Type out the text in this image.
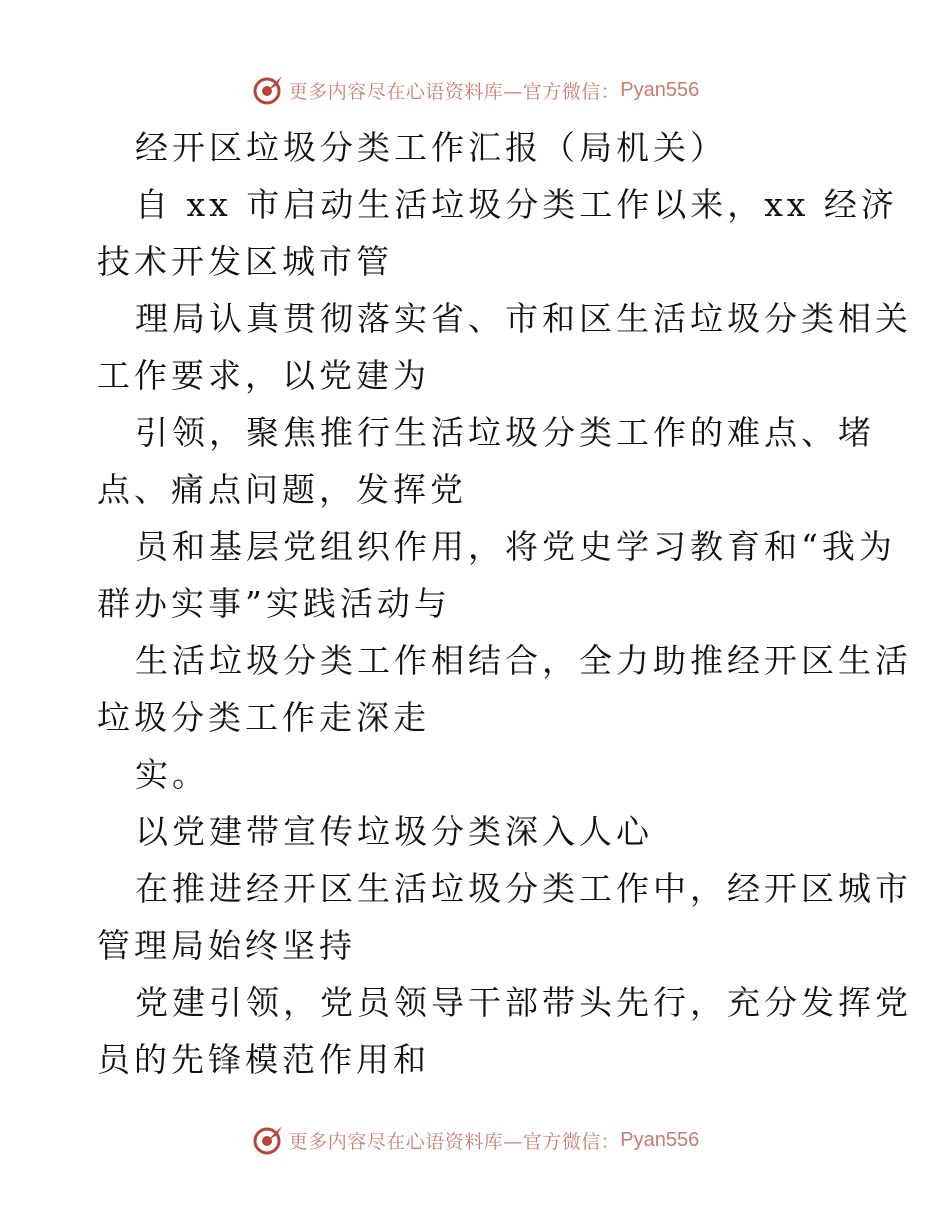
更多内容尽在心语资料库—官方微信： Pyan556
经开区垃圾分类工作汇报（局机关）
自 xx 市启动生活垃圾分类工作以来，xx 经济
技术开发区城市管
理局认真贯彻落实省、市和区生活垃圾分类相关
工作要求，以党建为
引领，聚焦推行生活垃圾分类工作的难点、堵
点、痛点问题，发挥党
员和基层党组织作用，将党史学习教育和“我为
群办实事”实践活动与
生活垃圾分类工作相结合，全力助推经开区生活
垃圾分类工作走深走
实。
以党建带宣传垃圾分类深入人心
在推进经开区生活垃圾分类工作中，经开区城市
管理局始终坚持
党建引领，党员领导干部带头先行，充分发挥党
员的先锋模范作用和
更多内容尽在心语资料库—官方微信： Pyan556
